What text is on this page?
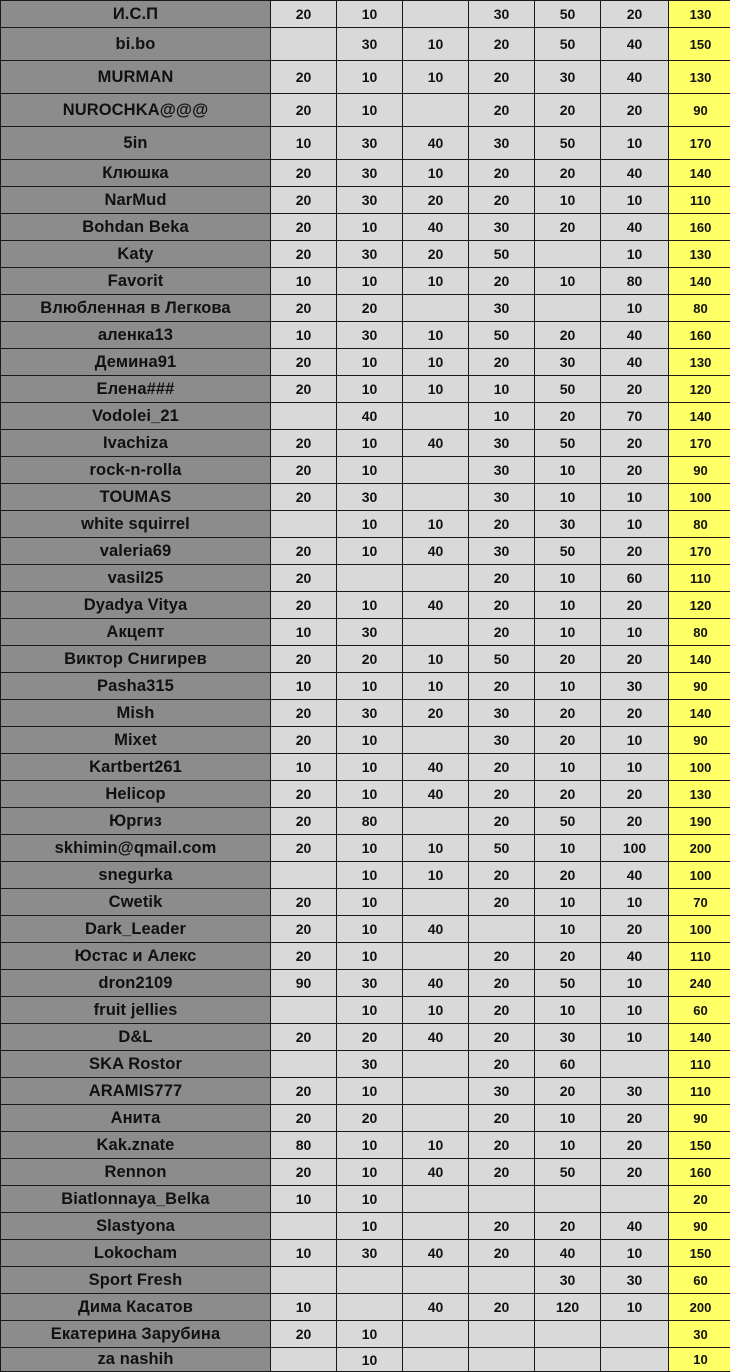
И.С.П	20	10		30	50	20	130
bi.bo		30	10	20	50	40	150
MURMAN	20	10	10	20	30	40	130
NUROCHKA@@@	20	10		20	20	20	90
5in	10	30	40	30	50	10	170
Клюшка	20	30	10	20	20	40	140
NarMud	20	30	20	20	10	10	110
Bohdan Beka	20	10	40	30	20	40	160
Katy	20	30	20	50		10	130
Favorit	10	10	10	20	10	80	140
Влюбленная в Легкова	20	20		30		10	80
аленка13	10	30	10	50	20	40	160
Демина91	20	10	10	20	30	40	130
Елена###	20	10	10	10	50	20	120
Vodolei_21		40		10	20	70	140
Ivachiza	20	10	40	30	50	20	170
rock-n-rolla	20	10		30	10	20	90
TOUMAS	20	30		30	10	10	100
white squirrel		10	10	20	30	10	80
valeria69	20	10	40	30	50	20	170
vasil25	20			20	10	60	110
Dyadya Vitya	20	10	40	20	10	20	120
Акцепт	10	30		20	10	10	80
Виктор Снигирев	20	20	10	50	20	20	140
Pasha315	10	10	10	20	10	30	90
Mish	20	30	20	30	20	20	140
Mixet	20	10		30	20	10	90
Kartbert261	10	10	40	20	10	10	100
Helicop	20	10	40	20	20	20	130
Юргиз	20	80		20	50	20	190
skhimin@qmail.com	20	10	10	50	10	100	200
snegurka		10	10	20	20	40	100
Cwetik	20	10		20	10	10	70
Dark_Leader	20	10	40		10	20	100
Юстас и Алекс	20	10		20	20	40	110
dron2109	90	30	40	20	50	10	240
fruit jellies		10	10	20	10	10	60
D&L	20	20	40	20	30	10	140
SKA Rostor		30		20	60		110
ARAMIS777	20	10		30	20	30	110
Анита	20	20		20	10	20	90
Kak.znate	80	10	10	20	10	20	150
Rennon	20	10	40	20	50	20	160
Biatlonnaya_Belka	10	10					20
Slastyona		10		20	20	40	90
Lokocham	10	30	40	20	40	10	150
Sport Fresh					30	30	60
Дима Касатов	10		40	20	120	10	200
Екатерина Зарубина	20	10					30
za nashih		10					10
